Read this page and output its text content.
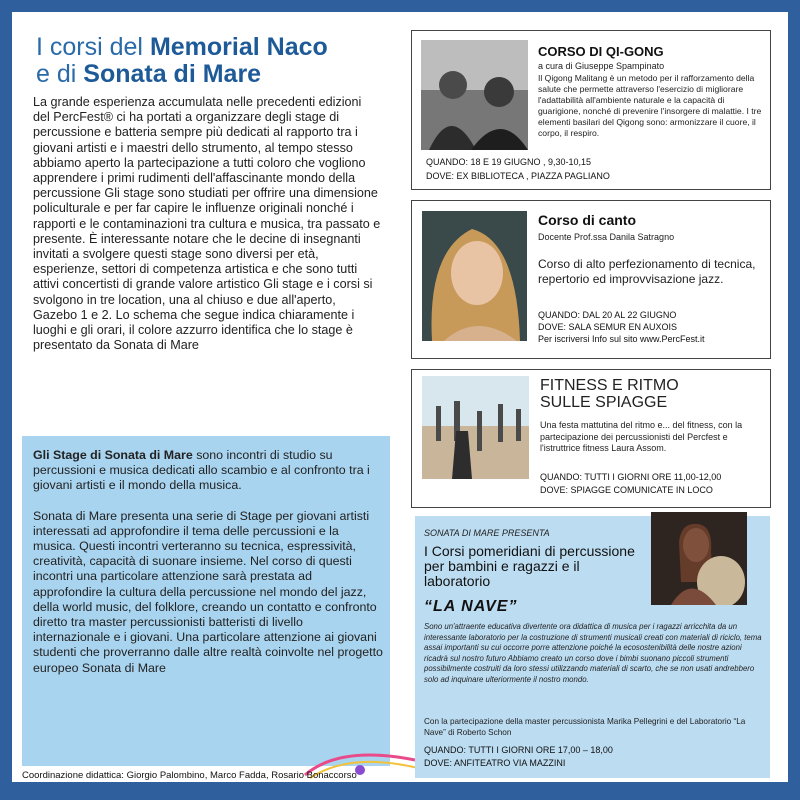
I corsi del Memorial Naco
e di Sonata di Mare
La grande esperienza accumulata nelle precedenti edizioni del PercFest® ci ha portati a organizzare degli stage di percussione e batteria sempre più dedicati al rapporto tra i giovani artisti e i maestri dello strumento, al tempo stesso abbiamo aperto la partecipazione a tutti coloro che vogliono apprendere i primi rudimenti dell'affascinante mondo della percussione Gli stage sono studiati per offrire una dimensione policulturale e per far capire le influenze originali nonché i rapporti e le contaminazioni tra cultura e musica, tra passato e presente. È interessante notare che le decine di insegnanti invitati a svolgere questi stage sono diversi per età, esperienze, settori di competenza artistica e che sono tutti attivi concertisti di grande valore artistico Gli stage e i corsi si svolgono in tre location, una al chiuso e due all'aperto, Gazebo 1 e 2. Lo schema che segue indica chiaramente i luoghi e gli orari, il colore azzurro identifica che lo stage è presentato da Sonata di Mare

Gli Stage di Sonata di Mare sono incontri di studio su percussioni e musica dedicati allo scambio e al confronto tra i giovani artisti e il mondo della musica.

Sonata di Mare presenta una serie di Stage per giovani artisti interessati ad approfondire il tema delle percussioni e la musica. Questi incontri verteranno su tecnica, espressività, creatività, capacità di suonare insieme. Nel corso di questi incontri una particolare attenzione sarà prestata ad approfondire la cultura della percussione nel mondo del jazz, della world music, del folklore, creando un contatto e confronto diretto tra master percussionisti batteristi di livello internazionale e i giovani. Una particolare attenzione ai giovani studenti che proverranno dalle altre realtà coinvolte nel progetto europeo Sonata di Mare

Coordinazione didattica: Giorgio Palombino, Marco Fadda, Rosario Bonaccorso
CORSO DI QI-GONG
a cura di Giuseppe Spampinato
Il Qigong Malitang è un metodo per il rafforzamento della salute che permette attraverso l'esercizio di migliorare l'adattabilità all'ambiente naturale e la capacità di guarigione, nonché di prevenire l'insorgere di malattie. I tre elementi basilari del Qigong sono: armonizzare il cuore, il corpo, il respiro.
QUANDO: 18 E 19 GIUGNO , 9,30-10,15
DOVE: EX BIBLIOTECA , PIAZZA PAGLIANO
Corso di canto
Docente Prof.ssa Danila Satragno
Corso di alto perfezionamento di tecnica, repertorio ed improvvisazione jazz.
QUANDO: DAL 20 AL 22 GIUGNO
DOVE: SALA SEMUR EN AUXOIS
Per iscriversi Info sul sito www.PercFest.it
FITNESS E RITMO
SULLE SPIAGGE
Una festa mattutina del ritmo e... del fitness, con la partecipazione dei percussionisti del Percfest e l'istruttrice fitness Laura Assom.
QUANDO: TUTTI I GIORNI ORE 11,00-12,00
DOVE: SPIAGGE COMUNICATE IN LOCO
SONATA DI MARE PRESENTA
I Corsi pomeridiani di percussione per bambini e ragazzi e il laboratorio
“LA NAVE”
Sono un'attraente educativa divertente ora didattica di musica per i ragazzi arricchita da un interessante laboratorio per la costruzione di strumenti musicali creati con materiali di riciclo, tema assai importanti su cui occorre porre attenzione poiché la ecosostenibilità delle nostre azioni ricadrà sul nostro futuro Abbiamo creato un corso dove i bimbi suonano piccoli strumenti possibilmente costruiti da loro stessi utilizzando materiali di scarto, che se non usati andrebbero solo ad inquinare ulteriormente il nostro mondo.
Con la partecipazione della master percussionista Marika Pellegrini e del Laboratorio “La Nave” di Roberto Schon
QUANDO: TUTTI I GIORNI ORE 17,00 – 18,00
DOVE: ANFITEATRO VIA MAZZINI
